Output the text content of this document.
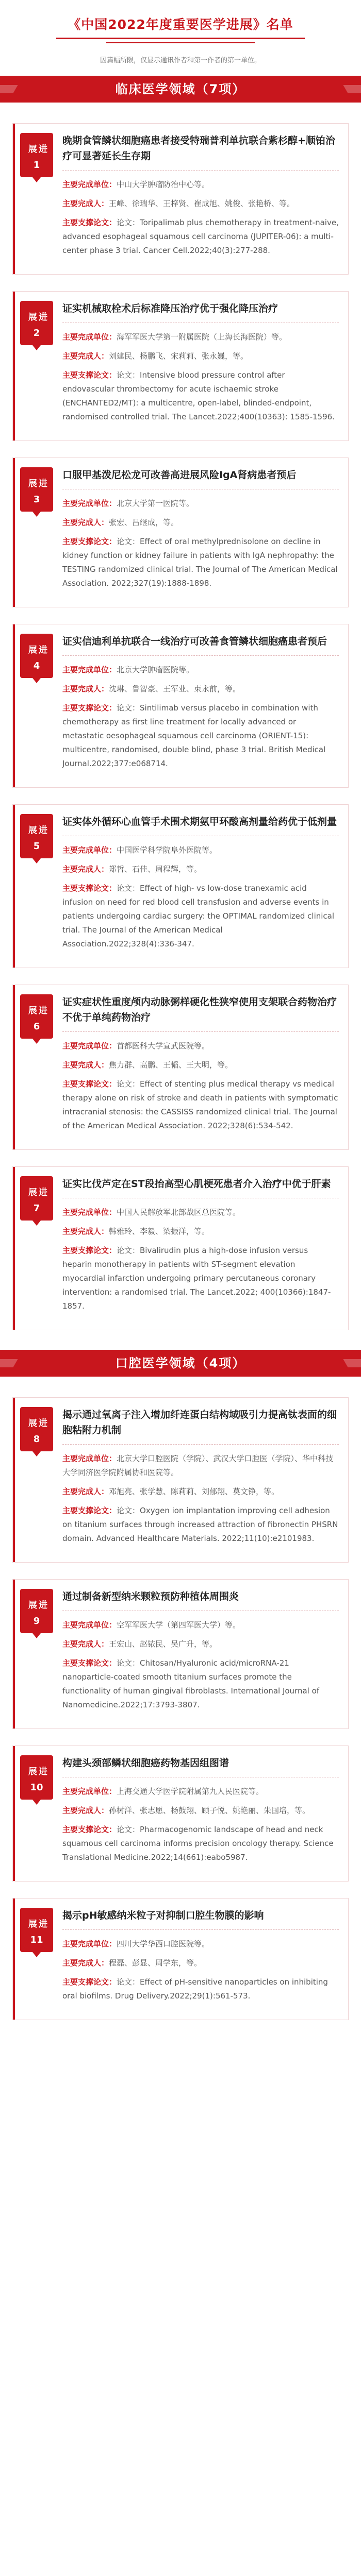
《中国2022年度重要医学进展》名单
因篇幅所限，仅显示通讯作者和第一作者的第一单位。
临床医学领域（7项）
进展
1
晚期食管鳞状细胞癌患者接受特瑞普利单抗联合紫杉醇+顺铂治疗可显著延长生存期
主要完成单位：中山大学肿瘤防治中心等。
主要完成人：王峰、徐瑞华、王梓贤、崔成旭、姚俊、张艳桥、等。
主要支撑论文：论文：Toripalimab plus chemotherapy in treatment-naive, advanced esophageal squamous cell carcinoma (JUPITER-06): a multi-center phase 3 trial. Cancer Cell.2022;40(3):277-288.
进展
2
证实机械取栓术后标准降压治疗优于强化降压治疗
主要完成单位：海军军医大学第一附属医院（上海长海医院）等。
主要完成人：刘建民、杨鹏飞、宋莉莉、张永巍，等。
主要支撑论文：论文：Intensive blood pressure control after endovascular thrombectomy for acute ischaemic stroke (ENCHANTED2/MT): a multicentre, open-label, blinded-endpoint, randomised controlled trial. The Lancet.2022;400(10363): 1585-1596.
进展
3
口服甲基泼尼松龙可改善高进展风险IgA肾病患者预后
主要完成单位：北京大学第一医院等。
主要完成人：张宏、吕继成，等。
主要支撑论文：论文：Effect of oral methylprednisolone on decline in kidney function or kidney failure in patients with IgA nephropathy: the TESTING randomized clinical trial. The Journal of The American Medical Association. 2022;327(19):1888-1898.
进展
4
证实信迪利单抗联合一线治疗可改善食管鳞状细胞癌患者预后
主要完成单位：北京大学肿瘤医院等。
主要完成人：沈琳、鲁智豪、王军业、束永前，等。
主要支撑论文：论文：Sintilimab versus placebo in combination with chemotherapy as first line treatment for locally advanced or metastatic oesophageal squamous cell carcinoma (ORIENT-15): multicentre, randomised, double blind, phase 3 trial. British Medical Journal.2022;377:e068714.
进展
5
证实体外循环心血管手术围术期氨甲环酸高剂量给药优于低剂量
主要完成单位：中国医学科学院阜外医院等。
主要完成人：郑哲、石佳、周程辉，等。
主要支撑论文：论文：Effect of high- vs low-dose tranexamic acid infusion on need for red blood cell transfusion and adverse events in patients undergoing cardiac surgery: the OPTIMAL randomized clinical trial. The Journal of the American Medical Association.2022;328(4):336-347.
进展
6
证实症状性重度颅内动脉粥样硬化性狭窄使用支架联合药物治疗不优于单纯药物治疗
主要完成单位：首都医科大学宣武医院等。
主要完成人：焦力群、高鹏、王韬、王大明，等。
主要支撑论文：论文：Effect of stenting plus medical therapy vs medical therapy alone on risk of stroke and death in patients with symptomatic intracranial stenosis: the CASSISS randomized clinical trial. The Journal of the American Medical Association. 2022;328(6):534-542.
进展
7
证实比伐芦定在ST段抬高型心肌梗死患者介入治疗中优于肝素
主要完成单位：中国人民解放军北部战区总医院等。
主要完成人：韩雅玲、李毅、梁振洋，等。
主要支撑论文：论文：Bivalirudin plus a high-dose infusion versus heparin monotherapy in patients with ST-segment elevation myocardial infarction undergoing primary percutaneous coronary intervention: a randomised trial. The Lancet.2022; 400(10366):1847-1857.
口腔医学领域（4项）
进展
8
揭示通过氧离子注入增加纤连蛋白结构域吸引力提高钛表面的细胞粘附力机制
主要完成单位：北京大学口腔医院（学院）、武汉大学口腔医（学院）、华中科技大学同济医学院附属协和医院等。
主要完成人：邓旭亮、张学慧、陈莉莉、刘郁翔、莫文铮，等。
主要支撑论文：论文：Oxygen ion implantation improving cell adhesion on titanium surfaces through increased attraction of fibronectin PHSRN domain. Advanced Healthcare Materials. 2022;11(10):e2101983.
进展
9
通过制备新型纳米颗粒预防种植体周围炎
主要完成单位：空军军医大学（第四军医大学）等。
主要完成人：王宏山、赵铱民、吴广升，等。
主要支撑论文：论文：Chitosan/Hyaluronic acid/microRNA-21 nanoparticle-coated smooth titanium surfaces promote the functionality of human gingival fibroblasts. International Journal of Nanomedicine.2022;17:3793-3807.
进展
10
构建头颈部鳞状细胞癌药物基因组图谱
主要完成单位：上海交通大学医学院附属第九人民医院等。
主要完成人：孙树洋、张志愿、杨鼓翔、顾子悦、姚艳丽、朱国培，等。
主要支撑论文：论文：Pharmacogenomic landscape of head and neck squamous cell carcinoma informs precision oncology therapy. Science Translational Medicine.2022;14(661):eabo5987.
进展
11
揭示pH敏感纳米粒子对抑制口腔生物膜的影响
主要完成单位：四川大学华西口腔医院等。
主要完成人：程磊、彭显、周学东，等。
主要支撑论文：论文：Effect of pH-sensitive nanoparticles on inhibiting oral biofilms. Drug Delivery.2022;29(1):561-573.
